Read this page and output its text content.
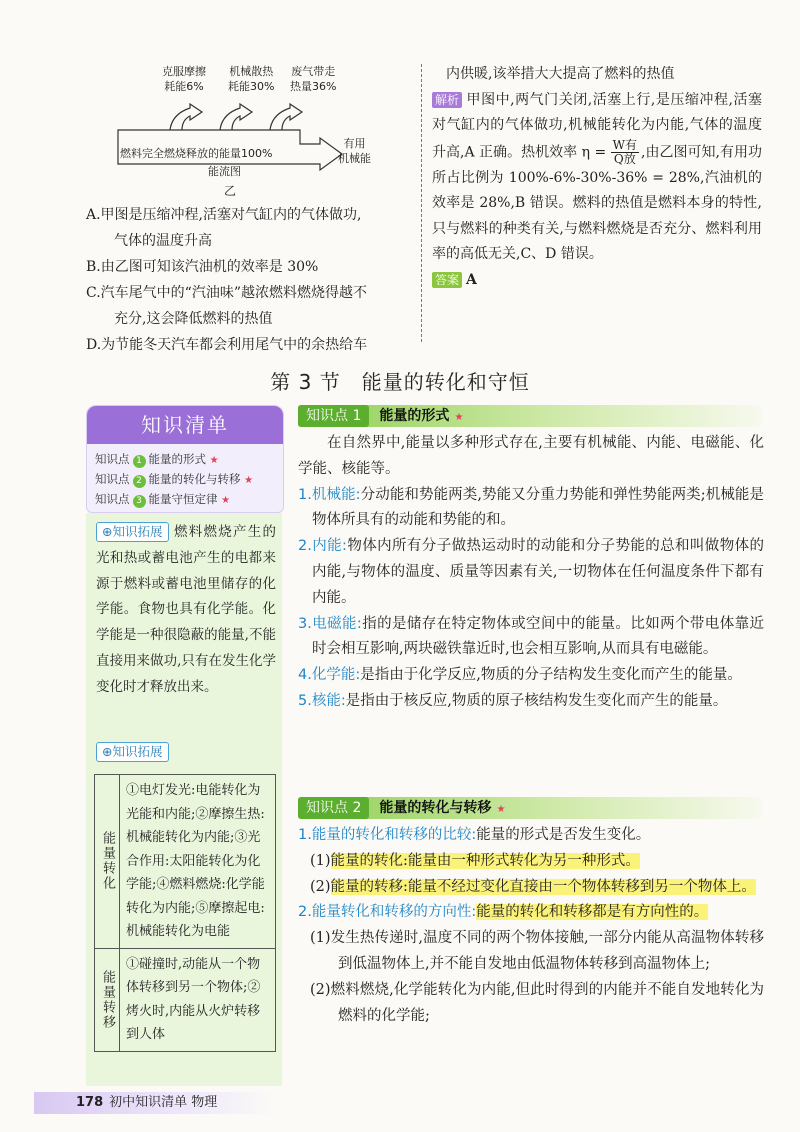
克服摩擦
耗能6%
机械散热
耗能30%
废气带走
热量36%
燃料完全燃烧释放的能量100%
有用
机械能
能流图
乙
A.甲图是压缩冲程,活塞对气缸内的气体做功,
　气体的温度升高
B.由乙图可知该汽油机的效率是 30%
C.汽车尾气中的“汽油味”越浓燃料燃烧得越不
　充分,这会降低燃料的热值
D.为节能冬天汽车都会利用尾气中的余热给车
内供暖,该举措大大提高了燃料的热值
解析 甲图中,两气门关闭,活塞上行,是压缩冲程,活塞对气缸内的气体做功,机械能转化为内能,气体的温度升高,A 正确。热机效率 $\eta = \frac{\text{W有}}{\text{Q放}}$ ,由乙图可知,有用功所占比例为 100%-6%-30%-36% = 28%,汽油机的效率是 28%,B 错误。燃料的热值是燃料本身的特性,只与燃料的种类有关,与燃料燃烧是否充分、燃料利用率的高低无关,C、D 错误。
答案 A
第 3 节　能量的转化和守恒
知识清单
知识点 1 能量的形式 ★
知识点 2 能量的转化与转移 ★
知识点 3 能量守恒定律 ★
⊕知识拓展 燃料燃烧产生的光和热或蓄电池产生的电都来源于燃料或蓄电池里储存的化学能。食物也具有化学能。化学能是一种很隐蔽的能量,不能直接用来做功,只有在发生化学变化时才释放出来。
⊕知识拓展
能量转化	①电灯发光:电能转化为光能和内能;②摩擦生热:机械能转化为内能;③光合作用:太阳能转化为化学能;④燃料燃烧:化学能转化为内能;⑤摩擦起电:机械能转化为电能
能量转移	①碰撞时,动能从一个物体转移到另一个物体;②烤火时,内能从火炉转移到人体
知识点 1 能量的形式 ★
在自然界中,能量以多种形式存在,主要有机械能、内能、电磁能、化学能、核能等。
1.机械能:分动能和势能两类,势能又分重力势能和弹性势能两类;机械能是物体所具有的动能和势能的和。
2.内能:物体内所有分子做热运动时的动能和分子势能的总和叫做物体的内能,与物体的温度、质量等因素有关,一切物体在任何温度条件下都有内能。
3.电磁能:指的是储存在特定物体或空间中的能量。比如两个带电体靠近时会相互影响,两块磁铁靠近时,也会相互影响,从而具有电磁能。
4.化学能:是指由于化学反应,物质的分子结构发生变化而产生的能量。
5.核能:是指由于核反应,物质的原子核结构发生变化而产生的能量。
知识点 2 能量的转化与转移 ★
1.能量的转化和转移的比较:能量的形式是否发生变化。
(1)能量的转化:能量由一种形式转化为另一种形式。
(2)能量的转移:能量不经过变化直接由一个物体转移到另一个物体上。
2.能量转化和转移的方向性:能量的转化和转移都是有方向性的。
(1)发生热传递时,温度不同的两个物体接触,一部分内能从高温物体转移到低温物体上,并不能自发地由低温物体转移到高温物体上;
(2)燃料燃烧,化学能转化为内能,但此时得到的内能并不能自发地转化为燃料的化学能;
178 初中知识清单 物理
